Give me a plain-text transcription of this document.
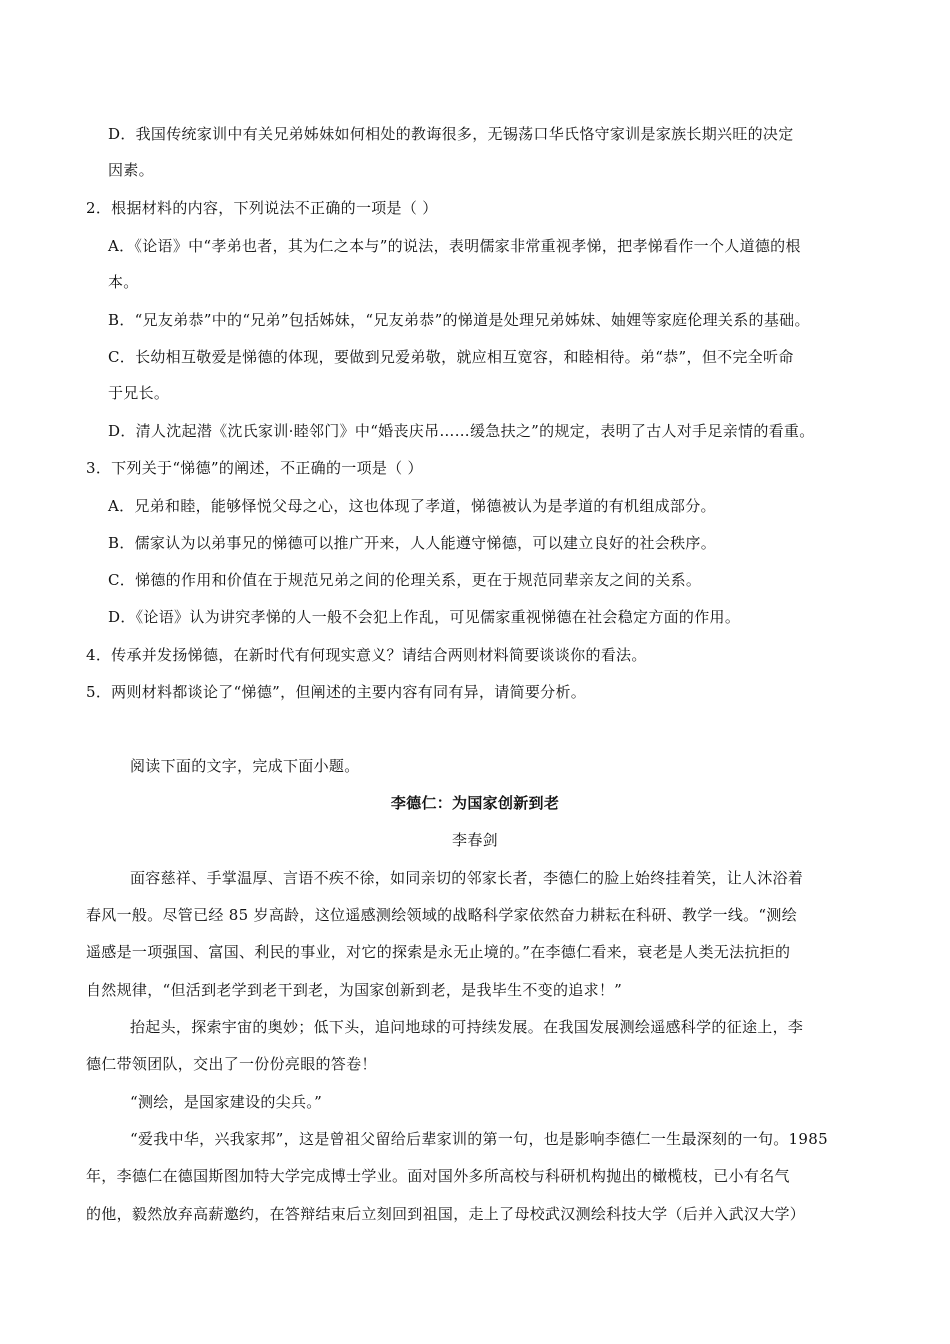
D．我国传统家训中有关兄弟姊妹如何相处的教诲很多，无锡荡口华氏恪守家训是家族长期兴旺的决定
因素。
2．根据材料的内容，下列说法不正确的一项是（ ）
A．《论语》中“孝弟也者，其为仁之本与”的说法，表明儒家非常重视孝悌，把孝悌看作一个人道德的根
本。
B．“兄友弟恭”中的“兄弟”包括姊妹，“兄友弟恭”的悌道是处理兄弟姊妹、妯娌等家庭伦理关系的基础。
C．长幼相互敬爱是悌德的体现，要做到兄爱弟敬，就应相互宽容，和睦相待。弟“恭”，但不完全听命
于兄长。
D．清人沈起潜《沈氏家训·睦邻门》中“婚丧庆吊……缓急扶之”的规定，表明了古人对手足亲情的看重。
3．下列关于“悌德”的阐述，不正确的一项是（ ）
A．兄弟和睦，能够怿悦父母之心，这也体现了孝道，悌德被认为是孝道的有机组成部分。
B．儒家认为以弟事兄的悌德可以推广开来，人人能遵守悌德，可以建立良好的社会秩序。
C．悌德的作用和价值在于规范兄弟之间的伦理关系，更在于规范同辈亲友之间的关系。
D．《论语》认为讲究孝悌的人一般不会犯上作乱，可见儒家重视悌德在社会稳定方面的作用。
4．传承并发扬悌德，在新时代有何现实意义？请结合两则材料简要谈谈你的看法。
5．两则材料都谈论了“悌德”，但阐述的主要内容有同有异，请简要分析。
阅读下面的文字，完成下面小题。
李德仁：为国家创新到老
李春剑
面容慈祥、手掌温厚、言语不疾不徐，如同亲切的邻家长者，李德仁的脸上始终挂着笑，让人沐浴着
春风一般。尽管已经 85 岁高龄，这位遥感测绘领域的战略科学家依然奋力耕耘在科研、教学一线。“测绘
遥感是一项强国、富国、利民的事业，对它的探索是永无止境的。”在李德仁看来，衰老是人类无法抗拒的
自然规律，“但活到老学到老干到老，为国家创新到老，是我毕生不变的追求！”
抬起头，探索宇宙的奥妙；低下头，追问地球的可持续发展。在我国发展测绘遥感科学的征途上，李
德仁带领团队，交出了一份份亮眼的答卷！
“测绘，是国家建设的尖兵。”
“爱我中华，兴我家邦”，这是曾祖父留给后辈家训的第一句，也是影响李德仁一生最深刻的一句。1985
年，李德仁在德国斯图加特大学完成博士学业。面对国外多所高校与科研机构抛出的橄榄枝，已小有名气
的他，毅然放弃高薪邀约，在答辩结束后立刻回到祖国，走上了母校武汉测绘科技大学（后并入武汉大学）
